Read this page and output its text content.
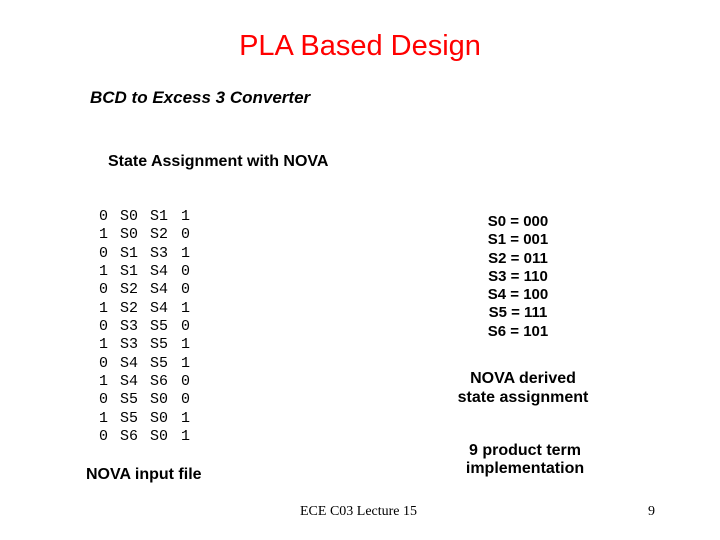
PLA Based Design
BCD to Excess 3 Converter
State Assignment with NOVA
0 S0 S1 1
1 S0 S2 0
0 S1 S3 1
1 S1 S4 0
0 S2 S4 0
1 S2 S4 1
0 S3 S5 0
1 S3 S5 1
0 S4 S5 1
1 S4 S6 0
0 S5 S0 0
1 S5 S0 1
0 S6 S0 1
S0 = 000
S1 = 001
S2 = 011
S3 = 110
S4 = 100
S5 = 111
S6 = 101
NOVA derived
state assignment
9 product term
implementation
NOVA input file
ECE C03 Lecture 15	9
